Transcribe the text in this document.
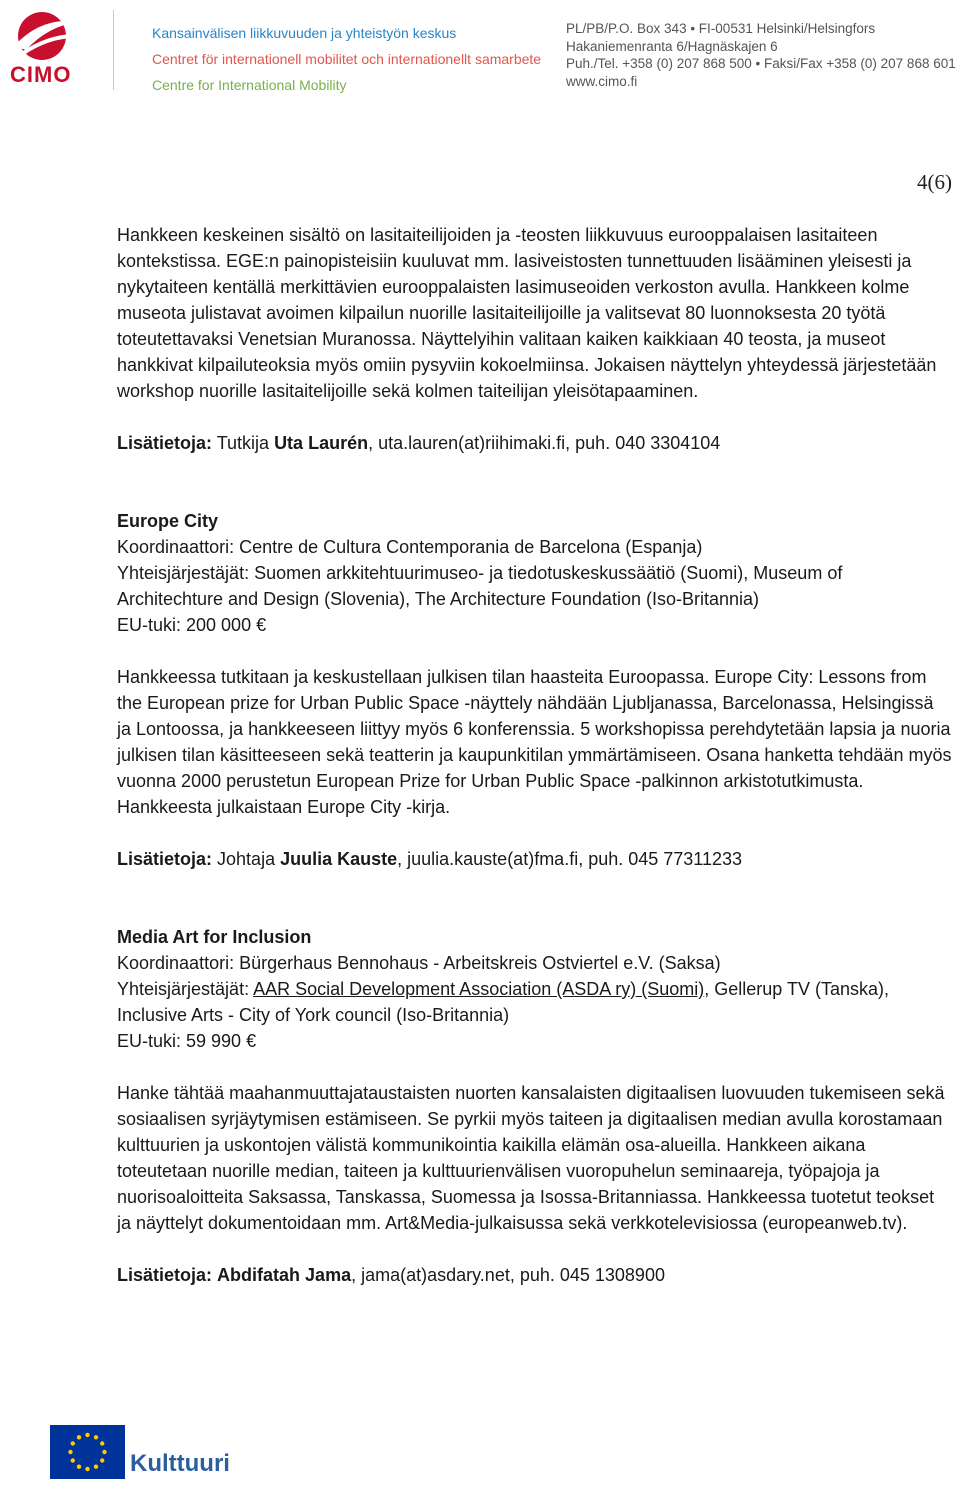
CIMO
Kansainvälisen liikkuvuuden ja yhteistyön keskus
Centret för internationell mobilitet och internationellt samarbete
Centre for International Mobility
PL/PB/P.O. Box 343 • FI-00531 Helsinki/Helsingfors
Hakaniemenranta 6/Hagnäskajen 6
Puh./Tel. +358 (0) 207 868 500 • Faksi/Fax +358 (0) 207 868 601
www.cimo.fi
4(6)

Hankkeen keskeinen sisältö on lasitaiteilijoiden ja -teosten liikkuvuus eurooppalaisen lasitaiteen kontekstissa. EGE:n painopisteisiin kuuluvat mm. lasiveistosten tunnettuuden lisääminen yleisesti ja nykytaiteen kentällä merkittävien eurooppalaisten lasimuseoiden verkoston avulla. Hankkeen kolme museota julistavat avoimen kilpailun nuorille lasitaiteilijoille ja valitsevat 80 luonnoksesta 20 työtä toteutettavaksi Venetsian Muranossa. Näyttelyihin valitaan kaiken kaikkiaan 40 teosta, ja museot hankkivat kilpailuteoksia myös omiin pysyviin kokoelmiinsa. Jokaisen näyttelyn yhteydessä järjestetään workshop nuorille lasitaitelijoille sekä kolmen taiteilijan yleisötapaaminen.

Lisätietoja: Tutkija Uta Laurén, uta.lauren(at)riihimaki.fi, puh. 040 3304104

Europe City

Koordinaattori: Centre de Cultura Contemporania de Barcelona (Espanja)

Yhteisjärjestäjät: Suomen arkkitehtuurimuseo- ja tiedotuskeskussäätiö (Suomi), Museum of Architechture and Design (Slovenia), The Architecture Foundation (Iso-Britannia)

EU-tuki: 200 000 €

Hankkeessa tutkitaan ja keskustellaan julkisen tilan haasteita Euroopassa. Europe City: Lessons from the European prize for Urban Public Space -näyttely nähdään Ljubljanassa, Barcelonassa, Helsingissä ja Lontoossa, ja hankkeeseen liittyy myös 6 konferenssia. 5 workshopissa perehdytetään lapsia ja nuoria julkisen tilan käsitteeseen sekä teatterin ja kaupunkitilan ymmärtämiseen. Osana hanketta tehdään myös vuonna 2000 perustetun European Prize for Urban Public Space -palkinnon arkistotutkimusta. Hankkeesta julkaistaan Europe City -kirja.

Lisätietoja: Johtaja Juulia Kauste, juulia.kauste(at)fma.fi, puh. 045 77311233

Media Art for Inclusion

Koordinaattori: Bürgerhaus Bennohaus - Arbeitskreis Ostviertel e.V. (Saksa)

Yhteisjärjestäjät: AAR Social Development Association (ASDA ry) (Suomi), Gellerup TV (Tanska), Inclusive Arts - City of York council (Iso-Britannia)

EU-tuki: 59 990 €

Hanke tähtää maahanmuuttajataustaisten nuorten kansalaisten digitaalisen luovuuden tukemiseen sekä sosiaalisen syrjäytymisen estämiseen. Se pyrkii myös taiteen ja digitaalisen median avulla korostamaan kulttuurien ja uskontojen välistä kommunikointia kaikilla elämän osa-alueilla. Hankkeen aikana toteutetaan nuorille median, taiteen ja kulttuurienvälisen vuoropuhelun seminaareja, työpajoja ja nuorisoaloitteita Saksassa, Tanskassa, Suomessa ja Isossa-Britanniassa. Hankkeessa tuotetut teokset ja näyttelyt dokumentoidaan mm. Art&Media-julkaisussa sekä verkkotelevisiossa (europeanweb.tv).

Lisätietoja: Abdifatah Jama, jama(at)asdary.net, puh. 045 1308900

Kulttuuri
